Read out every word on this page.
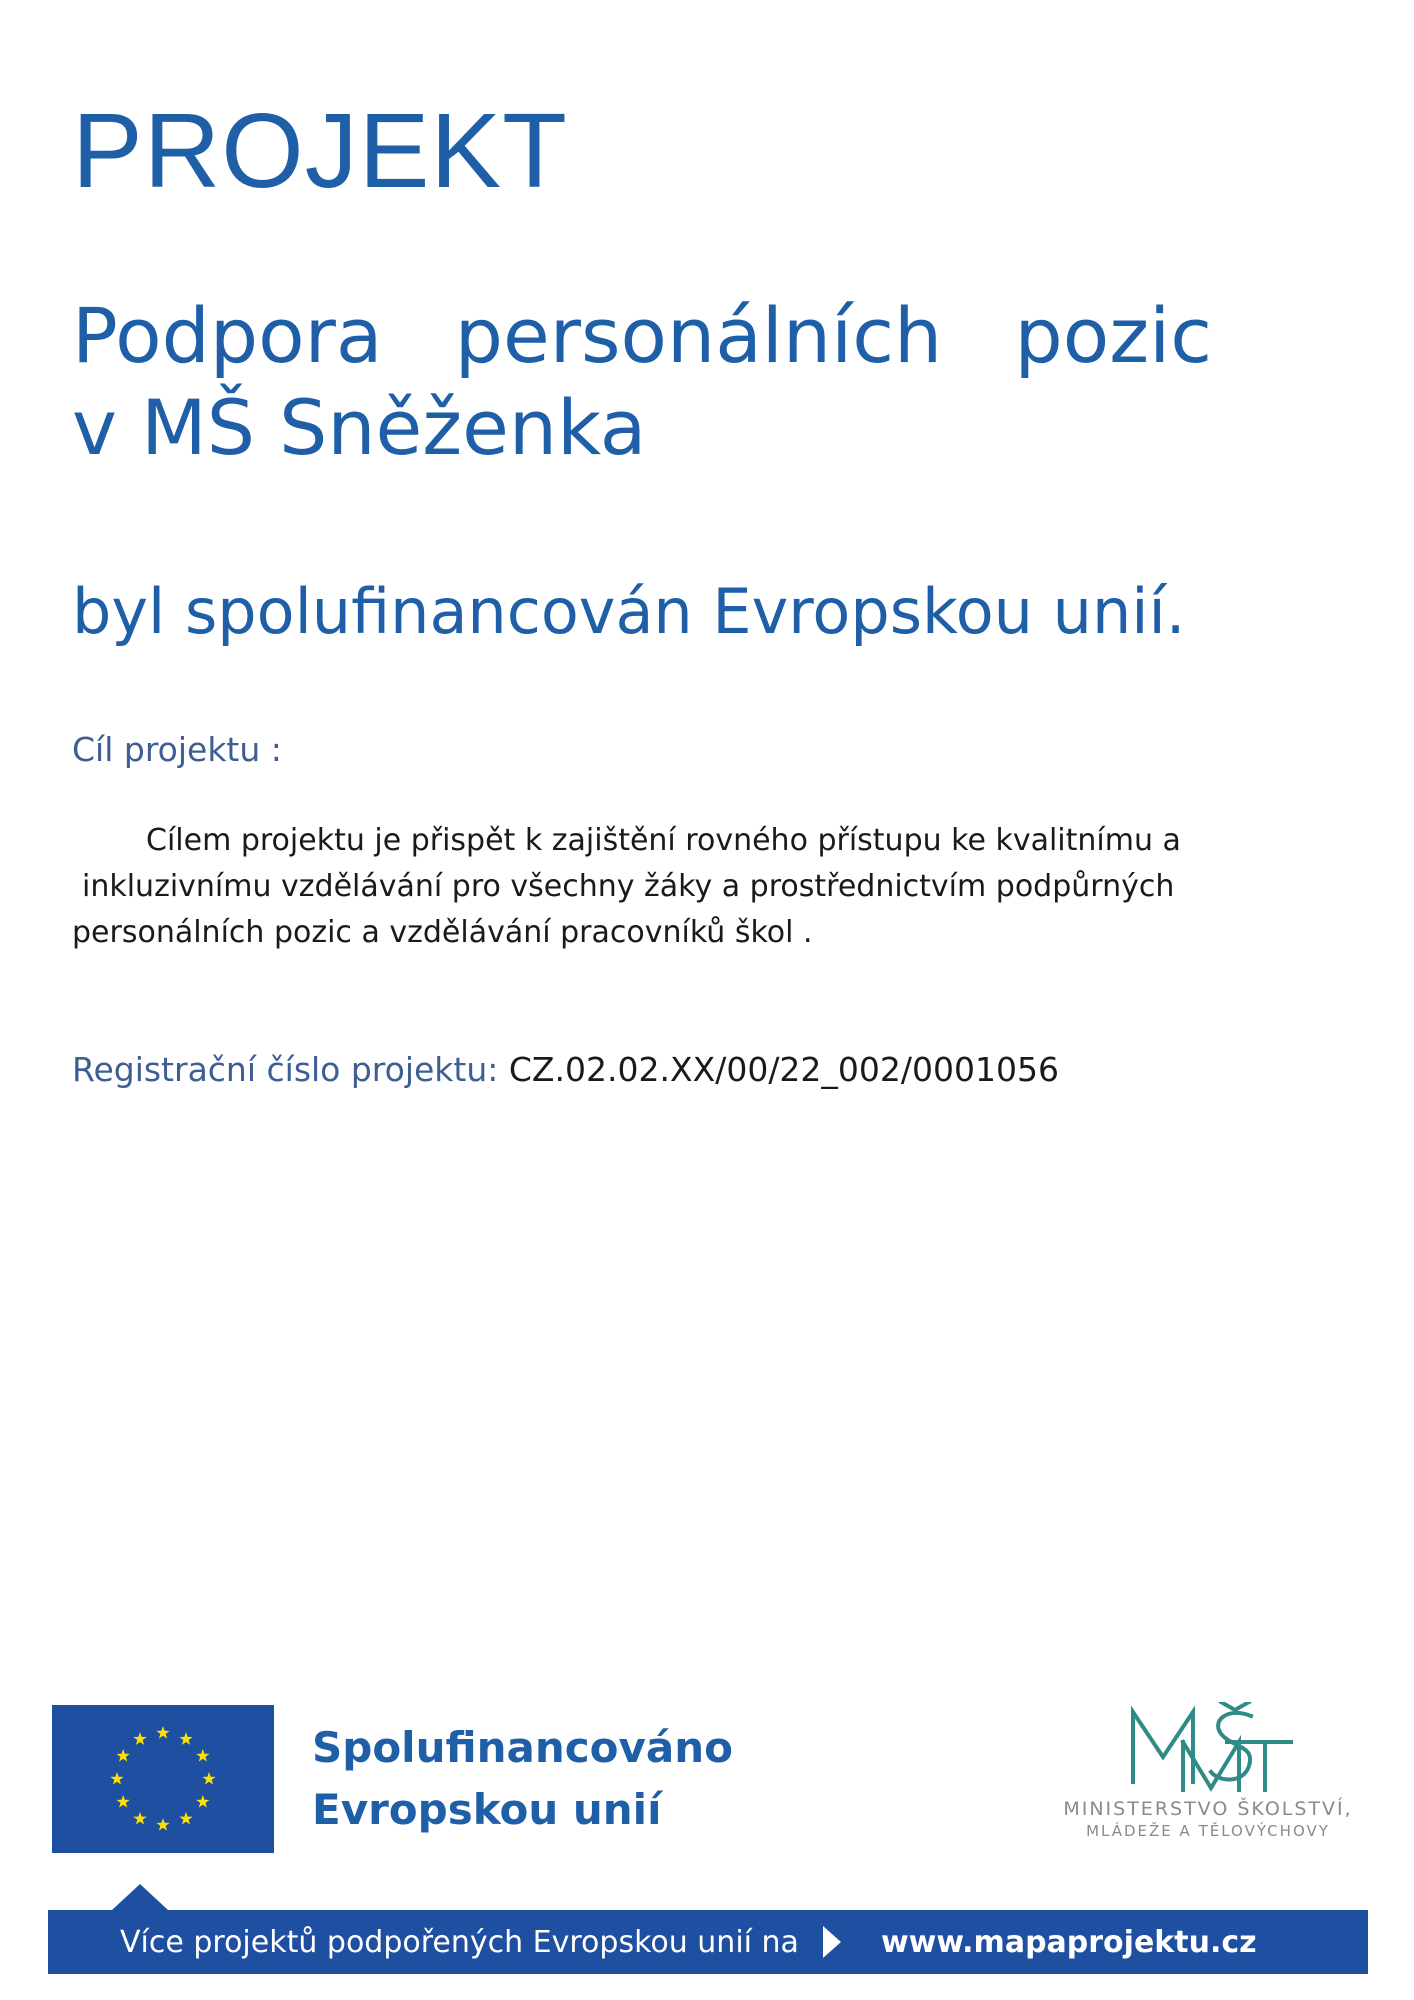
PROJEKT
Podpora personálních pozic
v MŠ Sněženka

byl spolufinancován Evropskou unií.

Cíl projektu :
Cílem projektu je přispět k zajištění rovného přístupu ke kvalitnímu a
inkluzivnímu vzdělávání pro všechny žáky a prostřednictvím podpůrných
personálních pozic a vzdělávání pracovníků škol .
Registrační číslo projektu: CZ.02.02.XX/00/22_002/0001056
Spolufinancováno
Evropskou unií	MINISTERSTVO ŠKOLSTVÍ,
MLÁDEŽE A TĚLOVÝCHOVY
Více projektů podpořených Evropskou unií na	www.mapaprojektu.cz
